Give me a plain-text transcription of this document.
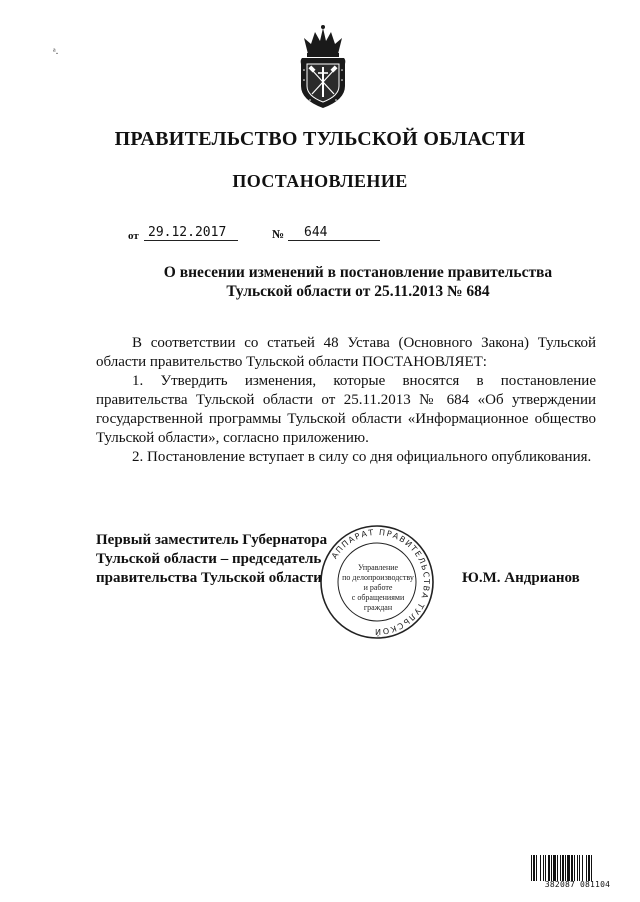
ᵃ.
ПРАВИТЕЛЬСТВО ТУЛЬСКОЙ ОБЛАСТИ
ПОСТАНОВЛЕНИЕ
от 29.12.2017	№ 644
О внесении изменений в постановление правительства
Тульской области от 25.11.2013 № 684

В соответствии со статьей 48 Устава (Основного Закона) Тульской области правительство Тульской области ПОСТАНОВЛЯЕТ:

1. Утвердить изменения, которые вносятся в постановление правительства Тульской области от 25.11.2013 № 684 «Об утверждении государственной программы Тульской области «Информационное общество Тульской области», согласно приложению.

2. Постановление вступает в силу со дня официального опубликования.

Первый заместитель Губернатора
Тульской области – председатель
правительства Тульской области
АППАРАТ ПРАВИТЕЛЬСТВА ТУЛЬСКОЙ
Управление
по делопроизводству
и работе
с обращениями
граждан
Ю.М. Андрианов
382087 081104
